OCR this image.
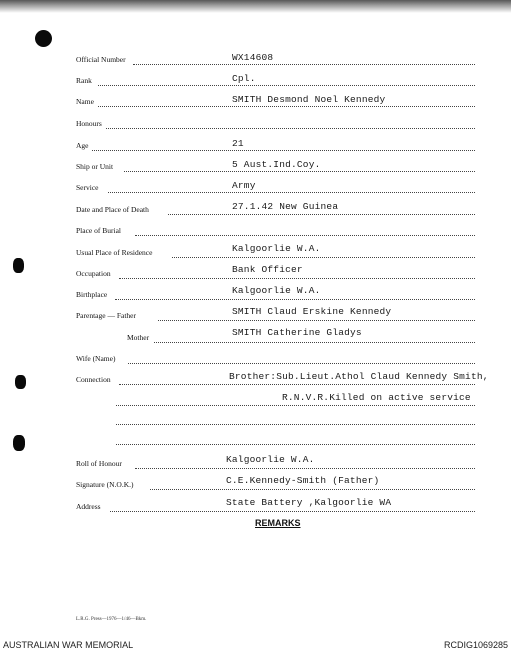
Official Number	WX14608
Rank	Cpl.
Name	SMITH Desmond Noel Kennedy
Honours
Age	21
Ship or Unit	5 Aust.Ind.Coy.
Service	Army
Date and Place of Death	27.1.42 New Guinea
Place of Burial
Usual Place of Residence	Kalgoorlie W.A.
Occupation	Bank Officer
Birthplace	Kalgoorlie W.A.
Parentage — Father	SMITH Claud Erskine Kennedy
Mother	SMITH Catherine Gladys
Wife (Name)
Connection	Brother:Sub.Lieut.Athol Claud Kennedy Smith,
R.N.V.R.Killed on active service
Roll of Honour	Kalgoorlie W.A.
Signature (N.O.K.)	C.E.Kennedy-Smith (Father)
Address	State Battery ,Kalgoorlie WA
REMARKS
L.R.G. Press—1976—1/46—Bkm.
AUSTRALIAN WAR MEMORIAL	RCDIG1069285
